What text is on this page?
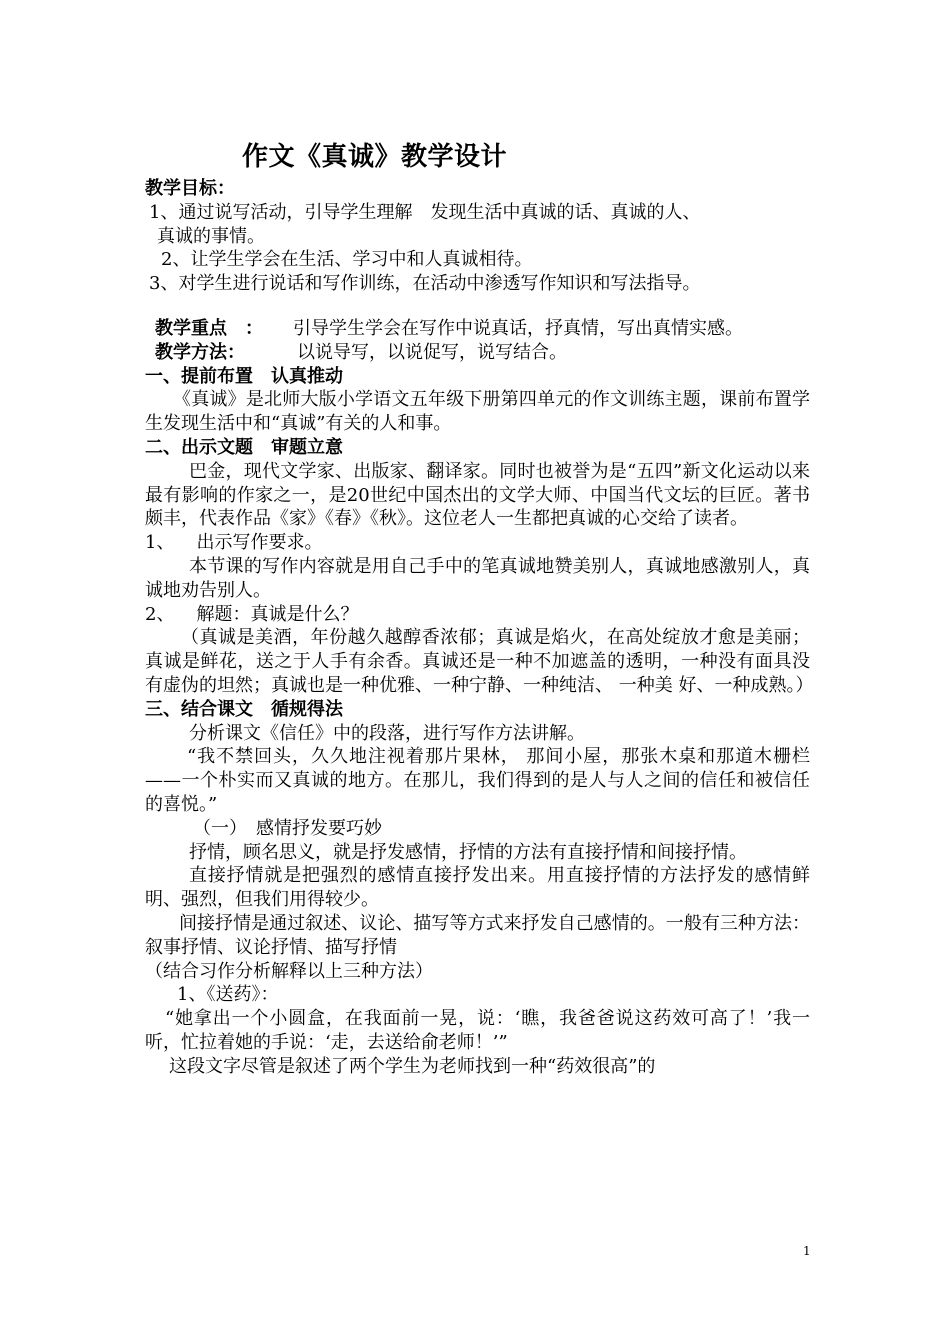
作文《真诚》教学设计
教学目标：
1、通过说写活动，引导学生理解　发现生活中真诚的话、真诚的人、
真诚的事情。
2、让学生学会在生活、学习中和人真诚相待。
3、对学生进行说话和写作训练，在活动中渗透写作知识和写法指导。
教学重点　： 引导学生学会在写作中说真话，抒真情，写出真情实感。
教学方法：	以说导写，以说促写，说写结合。
一、提前布置　认真推动
《真诚》是北师大版小学语文五年级下册第四单元的作文训练主题，课前布置学生发现生活中和“真诚”有关的人和事。
二、出示文题　审题立意
巴金，现代文学家、出版家、翻译家。同时也被誉为是“五四”新文化运动以来最有影响的作家之一，是20世纪中国杰出的文学大师、中国当代文坛的巨匠。著书颇丰，代表作品《家》《春》《秋》。这位老人一生都把真诚的心交给了读者。
1、 出示写作要求。
本节课的写作内容就是用自己手中的笔真诚地赞美别人，真诚地感激别人，真诚地劝告别人。
2、 解题：真诚是什么？
（真诚是美酒，年份越久越醇香浓郁；真诚是焰火，在高处绽放才愈是美丽；真诚是鲜花，送之于人手有余香。真诚还是一种不加遮盖的透明，一种没有面具没有虚伪的坦然；真诚也是一种优雅、一种宁静、一种纯洁、 一种美 好、一种成熟。）
三、结合课文　循规得法
分析课文《信任》中的段落，进行写作方法讲解。
“我不禁回头，久久地注视着那片果林， 那间小屋，那张木桌和那道木栅栏——一个朴实而又真诚的地方。在那儿，我们得到的是人与人之间的信任和被信任的喜悦。”
（一）　感情抒发要巧妙
抒情，顾名思义，就是抒发感情，抒情的方法有直接抒情和间接抒情。
直接抒情就是把强烈的感情直接抒发出来。用直接抒情的方法抒发的感情鲜明、强烈，但我们用得较少。
间接抒情是通过叙述、议论、描写等方式来抒发自己感情的。一般有三种方法：叙事抒情、议论抒情、描写抒情
（结合习作分析解释以上三种方法）
1、《送药》：
“她拿出一个小圆盒，在我面前一晃，说：‘瞧，我爸爸说这药效可高了！’我一听，忙拉着她的手说：‘走，去送给俞老师！’”
这段文字尽管是叙述了两个学生为老师找到一种“药效很高”的
1
